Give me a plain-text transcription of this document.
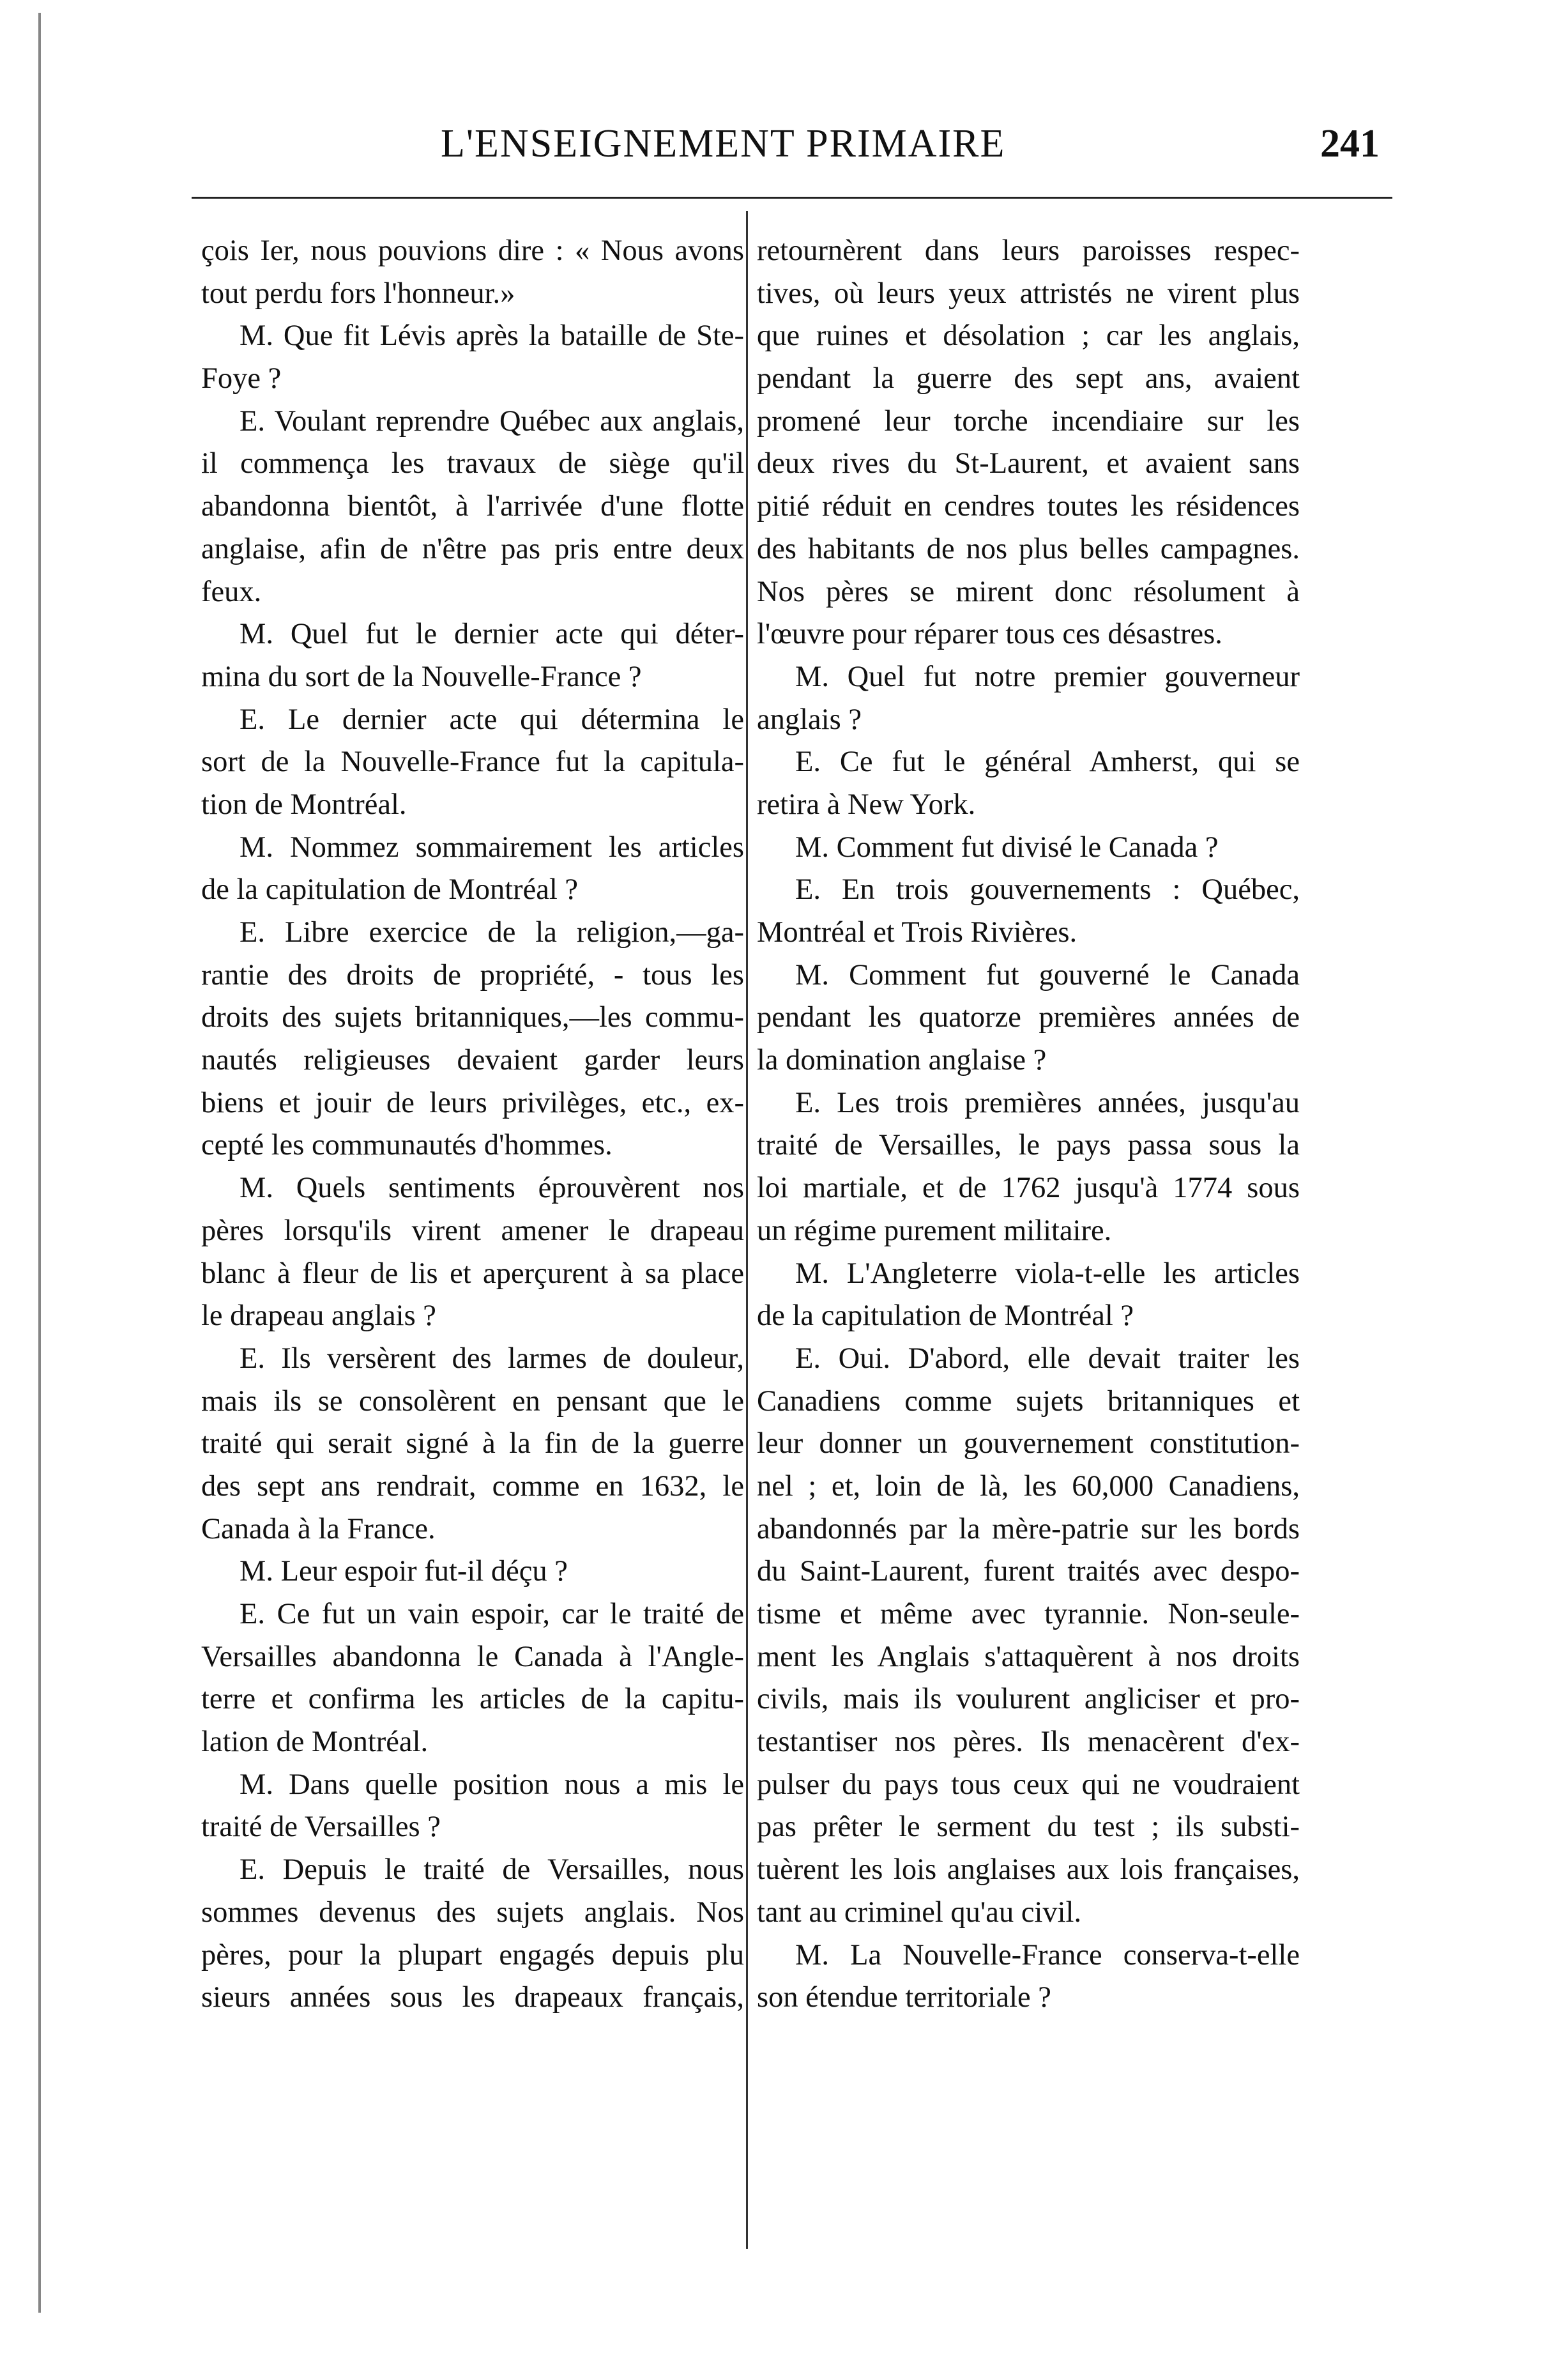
L'ENSEIGNEMENT PRIMAIRE	241
çois Ier, nous pouvions dire : « Nous avons
tout perdu fors l'honneur.»
M. Que fit Lévis après la bataille de Ste-
Foye ?
E. Voulant reprendre Québec aux anglais,
il commença les travaux de siège qu'il
abandonna bientôt, à l'arrivée d'une flotte
anglaise, afin de n'être pas pris entre deux
feux.
M. Quel fut le dernier acte qui déter-
mina du sort de la Nouvelle-France ?
E. Le dernier acte qui détermina le
sort de la Nouvelle-France fut la capitula-
tion de Montréal.
M. Nommez sommairement les articles
de la capitulation de Montréal ?
E. Libre exercice de la religion,—ga-
rantie des droits de propriété, - tous les
droits des sujets britanniques,—les commu-
nautés religieuses devaient garder leurs
biens et jouir de leurs privilèges, etc., ex-
cepté les communautés d'hommes.
M. Quels sentiments éprouvèrent nos
pères lorsqu'ils virent amener le drapeau
blanc à fleur de lis et aperçurent à sa place
le drapeau anglais ?
E. Ils versèrent des larmes de douleur,
mais ils se consolèrent en pensant que le
traité qui serait signé à la fin de la guerre
des sept ans rendrait, comme en 1632, le
Canada à la France.
M. Leur espoir fut-il déçu ?
E. Ce fut un vain espoir, car le traité de
Versailles abandonna le Canada à l'Angle-
terre et confirma les articles de la capitu-
lation de Montréal.
M. Dans quelle position nous a mis le
traité de Versailles ?
E. Depuis le traité de Versailles, nous
sommes devenus des sujets anglais. Nos
pères, pour la plupart engagés depuis plu
sieurs années sous les drapeaux français,
retournèrent dans leurs paroisses respec-
tives, où leurs yeux attristés ne virent plus
que ruines et désolation ; car les anglais,
pendant la guerre des sept ans, avaient
promené leur torche incendiaire sur les
deux rives du St-Laurent, et avaient sans
pitié réduit en cendres toutes les résidences
des habitants de nos plus belles campagnes.
Nos pères se mirent donc résolument à
l'œuvre pour réparer tous ces désastres.
M. Quel fut notre premier gouverneur
anglais ?
E. Ce fut le général Amherst, qui se
retira à New York.
M. Comment fut divisé le Canada ?
E. En trois gouvernements : Québec,
Montréal et Trois Rivières.
M. Comment fut gouverné le Canada
pendant les quatorze premières années de
la domination anglaise ?
E. Les trois premières années, jusqu'au
traité de Versailles, le pays passa sous la
loi martiale, et de 1762 jusqu'à 1774 sous
un régime purement militaire.
M. L'Angleterre viola-t-elle les articles
de la capitulation de Montréal ?
E. Oui. D'abord, elle devait traiter les
Canadiens comme sujets britanniques et
leur donner un gouvernement constitution-
nel ; et, loin de là, les 60,000 Canadiens,
abandonnés par la mère-patrie sur les bords
du Saint-Laurent, furent traités avec despo-
tisme et même avec tyrannie. Non-seule-
ment les Anglais s'attaquèrent à nos droits
civils, mais ils voulurent angliciser et pro-
testantiser nos pères. Ils menacèrent d'ex-
pulser du pays tous ceux qui ne voudraient
pas prêter le serment du test ; ils substi-
tuèrent les lois anglaises aux lois françaises,
tant au criminel qu'au civil.
M. La Nouvelle-France conserva-t-elle
son étendue territoriale ?
